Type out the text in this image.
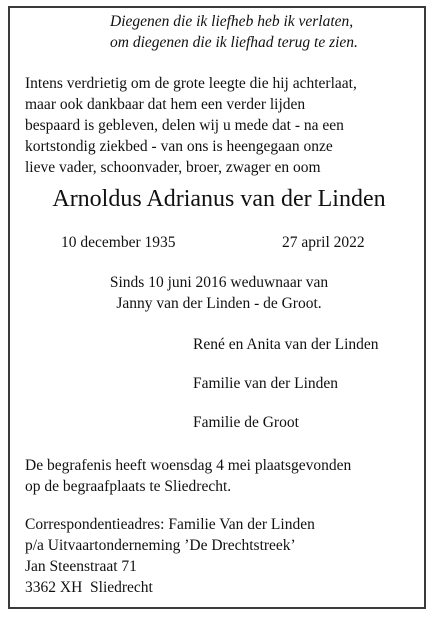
Diegenen die ik liefheb heb ik verlaten,
om diegenen die ik liefhad terug te zien.
Intens verdrietig om de grote leegte die hij achterlaat,
maar ook dankbaar dat hem een verder lijden
bespaard is gebleven, delen wij u mede dat - na een
kortstondig ziekbed - van ons is heengegaan onze
lieve vader, schoonvader, broer, zwager en oom
Arnoldus Adrianus van der Linden
10 december 1935	27 april 2022
Sinds 10 juni 2016 weduwnaar van
Janny van der Linden - de Groot.
René en Anita van der Linden
Familie van der Linden
Familie de Groot
De begrafenis heeft woensdag 4 mei plaatsgevonden
op de begraafplaats te Sliedrecht.
Correspondentieadres: Familie Van der Linden
p/a Uitvaartonderneming ’De Drechtstreek’
Jan Steenstraat 71
3362 XH  Sliedrecht
